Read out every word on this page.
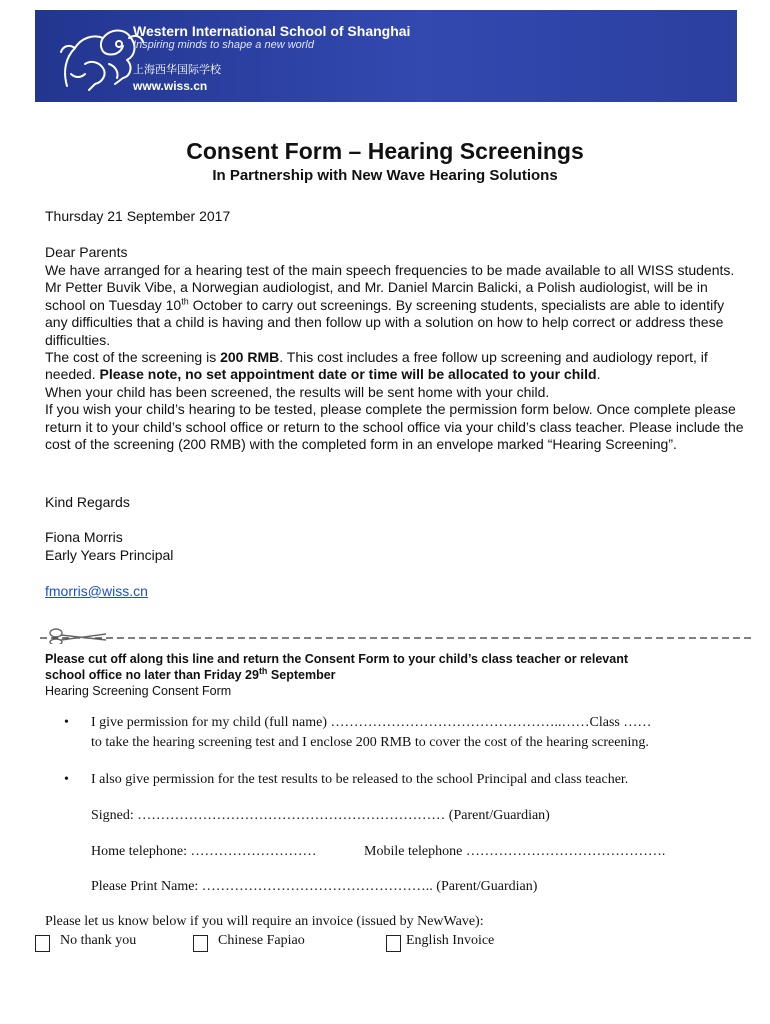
Western International School of Shanghai
Inspiring minds to shape a new world
上海西华国际学校
www.wiss.cn
Consent Form – Hearing Screenings
In Partnership with New Wave Hearing Solutions
Thursday 21 September 2017
Dear Parents
We have arranged for a hearing test of the main speech frequencies to be made available to all WISS students. Mr Petter Buvik Vibe, a Norwegian audiologist, and Mr. Daniel Marcin Balicki, a Polish audiologist, will be in school on Tuesday 10th October to carry out screenings. By screening students, specialists are able to identify any difficulties that a child is having and then follow up with a solution on how to help correct or address these difficulties.
The cost of the screening is 200 RMB. This cost includes a free follow up screening and audiology report, if needed. Please note, no set appointment date or time will be allocated to your child.
When your child has been screened, the results will be sent home with your child.
If you wish your child’s hearing to be tested, please complete the permission form below. Once complete please return it to your child’s school office or return to the school office via your child’s class teacher. Please include the cost of the screening (200 RMB) with the completed form in an envelope marked “Hearing Screening”.
Kind Regards
Fiona Morris
Early Years Principal
fmorris@wiss.cn
Please cut off along this line and return the Consent Form to your child’s class teacher or relevant
school office no later than Friday 29th September
Hearing Screening Consent Form
• I give permission for my child (full name) …………………………………………..……Class ……
to take the hearing screening test and I enclose 200 RMB to cover the cost of the hearing screening.
• I also give permission for the test results to be released to the school Principal and class teacher.
Signed: ………………………………………………………… (Parent/Guardian)
Home telephone: ………………………	Mobile telephone …………………………………….
Please Print Name: ………………………………………….. (Parent/Guardian)
Please let us know below if you will require an invoice (issued by NewWave):
No thank you	Chinese Fapiao	English Invoice
